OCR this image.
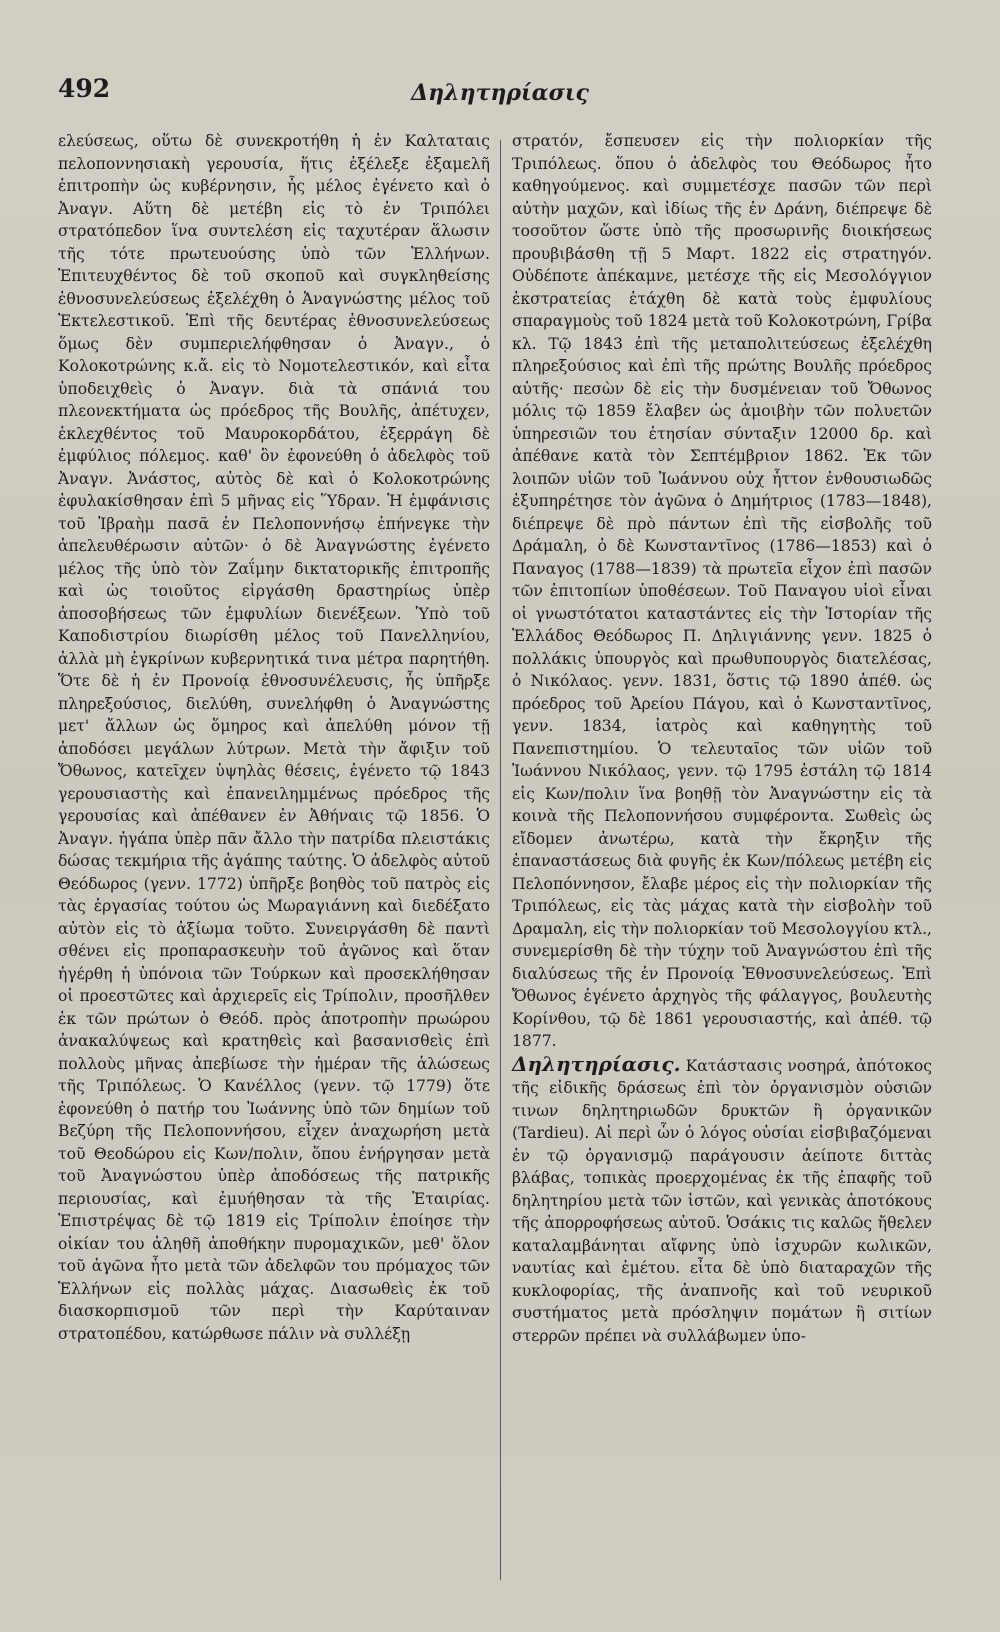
492	Δηλητηρίασις

ελεύσεως, οὕτω δὲ συνεκροτήθη ἡ ἐν Καλταταις πελοποννησιακὴ γερουσία, ἥτις ἐξέλεξε ἐξαμελῆ ἐπιτροπὴν ὡς κυβέρνησιν, ἧς μέλος ἐγένετο καὶ ὁ Ἀναγν. Αὕτη δὲ μετέβη εἰς τὸ ἐν Τριπόλει στρατόπεδον ἵνα συντελέση εἰς ταχυτέραν ἅλωσιν τῆς τότε πρωτευούσης ὑπὸ τῶν Ἑλλήνων. Ἐπιτευχθέντος δὲ τοῦ σκοποῦ καὶ συγκληθείσης ἐθνοσυνελεύσεως ἐξελέχθη ὁ Ἀναγνώστης μέλος τοῦ Ἐκτελεστικοῦ. Ἐπὶ τῆς δευτέρας ἐθνοσυνελεύσεως ὅμως δὲν συμπεριελήφθησαν ὁ Ἀναγν., ὁ Κολοκοτρώνης κ.ἄ. εἰς τὸ Νομοτελεστικόν, καὶ εἶτα ὑποδειχθεὶς ὁ Ἀναγν. διὰ τὰ σπάνιά του πλεονεκτήματα ὡς πρόεδρος τῆς Βουλῆς, ἀπέτυχεν, ἐκλεχθέντος τοῦ Μαυροκορδάτου, ἐξερράγη δὲ ἐμφύλιος πόλεμος. καθ' ὃν ἐφονεύθη ὁ ἀδελφὸς τοῦ Ἀναγν. Ἀνάστος, αὐτὸς δὲ καὶ ὁ Κολοκοτρώνης ἐφυλακίσθησαν ἐπὶ 5 μῆνας εἰς Ὕδραν. Ἡ ἐμφάνισις τοῦ Ἰβραὴμ πασᾶ ἐν Πελοποννήσῳ ἐπήνεγκε τὴν ἀπελευθέρωσιν αὐτῶν· ὁ δὲ Ἀναγνώστης ἐγένετο μέλος τῆς ὑπὸ τὸν Ζαΐμην δικτατορικῆς ἐπιτροπῆς καὶ ὡς τοιοῦτος εἰργάσθη δραστηρίως ὑπὲρ ἀποσοβήσεως τῶν ἐμφυλίων διενέξεων. Ὑπὸ τοῦ Καποδιστρίου διωρίσθη μέλος τοῦ Πανελληνίου, ἀλλὰ μὴ ἐγκρίνων κυβερνητικά τινα μέτρα παρητήθη. Ὅτε δὲ ἡ ἐν Προνοίᾳ ἐθνοσυνέλευσις, ἧς ὑπῆρξε πληρεξούσιος, διελύθη, συνελήφθη ὁ Ἀναγνώστης μετ' ἄλλων ὡς ὅμηρος καὶ ἀπελύθη μόνον τῇ ἀποδόσει μεγάλων λύτρων. Μετὰ τὴν ἄφιξιν τοῦ Ὄθωνος, κατεῖχεν ὑψηλὰς θέσεις, ἐγένετο τῷ 1843 γερουσιαστὴς καὶ ἐπανειλημμένως πρόεδρος τῆς γερουσίας καὶ ἀπέθανεν ἐν Ἀθήναις τῷ 1856. Ὁ Ἀναγν. ἠγάπα ὑπὲρ πᾶν ἄλλο τὴν πατρίδα πλειστάκις δώσας τεκμήρια τῆς ἀγάπης ταύτης. Ὁ ἀδελφὸς αὐτοῦ Θεόδωρος (γενν. 1772) ὑπῆρξε βοηθὸς τοῦ πατρὸς εἰς τὰς ἐργασίας τούτου ὡς Μωραγιάννη καὶ διεδέξατο αὐτὸν εἰς τὸ ἀξίωμα τοῦτο. Συνειργάσθη δὲ παντὶ σθένει εἰς προπαρασκευὴν τοῦ ἀγῶνος καὶ ὅταν ἠγέρθη ἡ ὑπόνοια τῶν Τούρκων καὶ προσεκλήθησαν οἱ προεστῶτες καὶ ἀρχιερεῖς εἰς Τρίπολιν, προσῆλθεν ἐκ τῶν πρώτων ὁ Θεόδ. πρὸς ἀποτροπὴν πρωώρου ἀνακαλύψεως καὶ κρατηθεὶς καὶ βασανισθεὶς ἐπὶ πολλοὺς μῆνας ἀπεβίωσε τὴν ἡμέραν τῆς ἁλώσεως τῆς Τριπόλεως. Ὁ Κανέλλος (γενν. τῷ 1779) ὅτε ἐφονεύθη ὁ πατήρ του Ἰωάννης ὑπὸ τῶν δημίων τοῦ Βεζύρη τῆς Πελοποννήσου, εἶχεν ἀναχωρήση μετὰ τοῦ Θεοδώρου εἰς Κων/πολιν, ὅπου ἐνήργησαν μετὰ τοῦ Ἀναγνώστου ὑπὲρ ἀποδόσεως τῆς πατρικῆς περιουσίας, καὶ ἐμυήθησαν τὰ τῆς Ἑταιρίας. Ἐπιστρέψας δὲ τῷ 1819 εἰς Τρίπολιν ἐποίησε τὴν οἰκίαν του ἀληθῆ ἀποθήκην πυρομαχικῶν, μεθ' ὅλον τοῦ ἀγῶνα ἦτο μετὰ τῶν ἀδελφῶν του πρόμαχος τῶν Ἑλλήνων εἰς πολλὰς μάχας. Διασωθεὶς ἐκ τοῦ διασκορπισμοῦ τῶν περὶ τὴν Καρύταιναν στρατοπέδου, κατώρθωσε πάλιν νὰ συλλέξῃ

στρατόν, ἔσπευσεν εἰς τὴν πολιορκίαν τῆς Τριπόλεως. ὅπου ὁ ἀδελφὸς του Θεόδωρος ἦτο καθηγούμενος. καὶ συμμετέσχε πασῶν τῶν περὶ αὐτὴν μαχῶν, καὶ ἰδίως τῆς ἐν Δράνη, διέπρεψε δὲ τοσοῦτον ὥστε ὑπὸ τῆς προσωρινῆς διοικήσεως προυβιβάσθη τῇ 5 Μαρτ. 1822 εἰς στρατηγόν. Οὐδέποτε ἀπέκαμνε, μετέσχε τῆς εἰς Μεσολόγγιον ἐκστρατείας ἐτάχθη δὲ κατὰ τοὺς ἐμφυλίους σπαραγμοὺς τοῦ 1824 μετὰ τοῦ Κολοκοτρώνη, Γρίβα κλ. Τῷ 1843 ἐπὶ τῆς μεταπολιτεύσεως ἐξελέχθη πληρεξούσιος καὶ ἐπὶ τῆς πρώτης Βουλῆς πρόεδρος αὐτῆς· πεσὼν δὲ εἰς τὴν δυσμένειαν τοῦ Ὄθωνος μόλις τῷ 1859 ἔλαβεν ὡς ἀμοιβὴν τῶν πολυετῶν ὑπηρεσιῶν του ἐτησίαν σύνταξιν 12000 δρ. καὶ ἀπέθανε κατὰ τὸν Σεπτέμβριον 1862. Ἐκ τῶν λοιπῶν υἱῶν τοῦ Ἰωάννου οὐχ ἧττον ἐνθουσιωδῶς ἐξυπηρέτησε τὸν ἀγῶνα ὁ Δημήτριος (1783—1848), διέπρεψε δὲ πρὸ πάντων ἐπὶ τῆς εἰσβολῆς τοῦ Δράμαλη, ὁ δὲ Κωνσταντῖνος (1786—1853) καὶ ὁ Παναγος (1788—1839) τὰ πρωτεῖα εἶχον ἐπὶ πασῶν τῶν ἐπιτοπίων ὑποθέσεων. Τοῦ Παναγου υἱοὶ εἶναι οἱ γνωστότατοι καταστάντες εἰς τὴν Ἱστορίαν τῆς Ἑλλάδος Θεόδωρος Π. Δηλιγιάννης γενν. 1825 ὁ πολλάκις ὑπουργὸς καὶ πρωθυπουργὸς διατελέσας, ὁ Νικόλαος. γενν. 1831, ὅστις τῷ 1890 ἀπέθ. ὡς πρόεδρος τοῦ Ἀρείου Πάγου, καὶ ὁ Κωνσταντῖνος, γενν. 1834, ἰατρὸς καὶ καθηγητὴς τοῦ Πανεπιστημίου. Ὁ τελευταῖος τῶν υἱῶν τοῦ Ἰωάννου Νικόλαος, γενν. τῷ 1795 ἐστάλη τῷ 1814 εἰς Κων/πολιν ἵνα βοηθῇ τὸν Ἀναγνώστην εἰς τὰ κοινὰ τῆς Πελοποννήσου συμφέροντα. Σωθεὶς ὡς εἴδομεν ἀνωτέρω, κατὰ τὴν ἔκρηξιν τῆς ἐπαναστάσεως διὰ φυγῆς ἐκ Κων/πόλεως μετέβη εἰς Πελοπόννησον, ἔλαβε μέρος εἰς τὴν πολιορκίαν τῆς Τριπόλεως, εἰς τὰς μάχας κατὰ τὴν εἰσβολὴν τοῦ Δραμαλη, εἰς τὴν πολιορκίαν τοῦ Μεσολογγίου κτλ., συνεμερίσθη δὲ τὴν τύχην τοῦ Ἀναγνώστου ἐπὶ τῆς διαλύσεως τῆς ἐν Προνοίᾳ Ἐθνοσυνελεύσεως. Ἐπὶ Ὄθωνος ἐγένετο ἀρχηγὸς τῆς φάλαγγος, βουλευτὴς Κορίνθου, τῷ δὲ 1861 γερουσιαστής, καὶ ἀπέθ. τῷ 1877.

Δηλητηρίασις. Κατάστασις νοσηρά, ἀπότοκος τῆς εἰδικῆς δράσεως ἐπὶ τὸν ὀργανισμὸν οὐσιῶν τινων δηλητηριωδῶν δρυκτῶν ἢ ὀργανικῶν (Tardieu). Αἱ περὶ ὧν ὁ λόγος οὐσίαι εἰσβιβαζόμεναι ἐν τῷ ὀργανισμῷ παράγουσιν ἀείποτε διττὰς βλάβας, τοπικὰς προερχομένας ἐκ τῆς ἐπαφῆς τοῦ δηλητηρίου μετὰ τῶν ἱστῶν, καὶ γενικὰς ἀποτόκους τῆς ἀπορροφήσεως αὐτοῦ. Ὁσάκις τις καλῶς ἤθελεν καταλαμβάνηται αἴφνης ὑπὸ ἰσχυρῶν κωλικῶν, ναυτίας καὶ ἐμέτου. εἶτα δὲ ὑπὸ διαταραχῶν τῆς κυκλοφορίας, τῆς ἀναπνοῆς καὶ τοῦ νευρικοῦ συστήματος μετὰ πρόσληψιν πομάτων ἢ σιτίων στερρῶν πρέπει νὰ συλλάβωμεν ὑπο-
